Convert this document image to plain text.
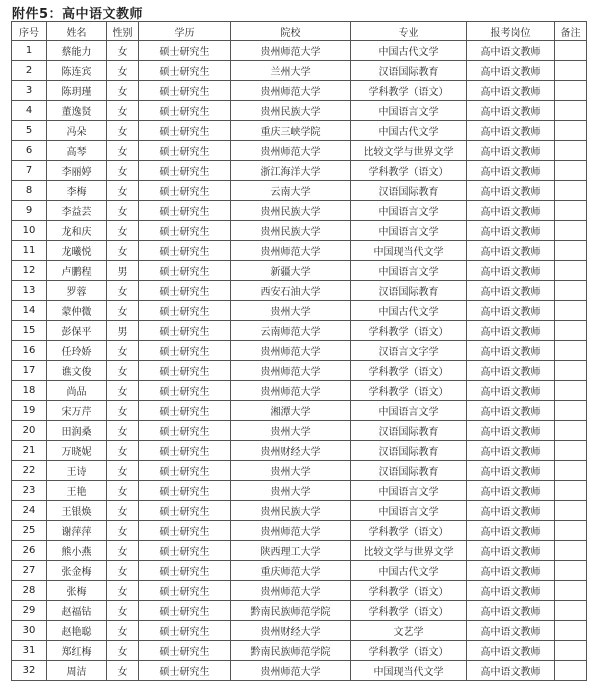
附件5：高中语文教师
序号	姓名	性别	学历	院校	专业	报考岗位	备注
1	蔡能力	女	硕士研究生	贵州师范大学	中国古代文学	高中语文教师	
2	陈连宾	女	硕士研究生	兰州大学	汉语国际教育	高中语文教师	
3	陈玥瑾	女	硕士研究生	贵州师范大学	学科教学（语文）	高中语文教师	
4	董逸贤	女	硕士研究生	贵州民族大学	中国语言文学	高中语文教师	
5	冯朵	女	硕士研究生	重庆三峡学院	中国古代文学	高中语文教师	
6	高琴	女	硕士研究生	贵州师范大学	比较文学与世界文学	高中语文教师	
7	李丽婷	女	硕士研究生	浙江海洋大学	学科教学（语文）	高中语文教师	
8	李梅	女	硕士研究生	云南大学	汉语国际教育	高中语文教师	
9	李益芸	女	硕士研究生	贵州民族大学	中国语言文学	高中语文教师	
10	龙和庆	女	硕士研究生	贵州民族大学	中国语言文学	高中语文教师	
11	龙曦悦	女	硕士研究生	贵州师范大学	中国现当代文学	高中语文教师	
12	卢鹏程	男	硕士研究生	新疆大学	中国语言文学	高中语文教师	
13	罗蓉	女	硕士研究生	西安石油大学	汉语国际教育	高中语文教师	
14	蒙仲微	女	硕士研究生	贵州大学	中国古代文学	高中语文教师	
15	彭保平	男	硕士研究生	云南师范大学	学科教学（语文）	高中语文教师	
16	任玲娇	女	硕士研究生	贵州师范大学	汉语言文字学	高中语文教师	
17	谯文俊	女	硕士研究生	贵州师范大学	学科教学（语文）	高中语文教师	
18	尚品	女	硕士研究生	贵州师范大学	学科教学（语文）	高中语文教师	
19	宋万芹	女	硕士研究生	湘潭大学	中国语言文学	高中语文教师	
20	田润桑	女	硕士研究生	贵州大学	汉语国际教育	高中语文教师	
21	万晓妮	女	硕士研究生	贵州财经大学	汉语国际教育	高中语文教师	
22	王诗	女	硕士研究生	贵州大学	汉语国际教育	高中语文教师	
23	王艳	女	硕士研究生	贵州大学	中国语言文学	高中语文教师	
24	王银焕	女	硕士研究生	贵州民族大学	中国语言文学	高中语文教师	
25	谢萍萍	女	硕士研究生	贵州师范大学	学科教学（语文）	高中语文教师	
26	熊小燕	女	硕士研究生	陕西理工大学	比较文学与世界文学	高中语文教师	
27	张金梅	女	硕士研究生	重庆师范大学	中国古代文学	高中语文教师	
28	张梅	女	硕士研究生	贵州师范大学	学科教学（语文）	高中语文教师	
29	赵福钻	女	硕士研究生	黔南民族师范学院	学科教学（语文）	高中语文教师	
30	赵艳聪	女	硕士研究生	贵州财经大学	文艺学	高中语文教师	
31	郑红梅	女	硕士研究生	黔南民族师范学院	学科教学（语文）	高中语文教师	
32	周洁	女	硕士研究生	贵州师范大学	中国现当代文学	高中语文教师	
